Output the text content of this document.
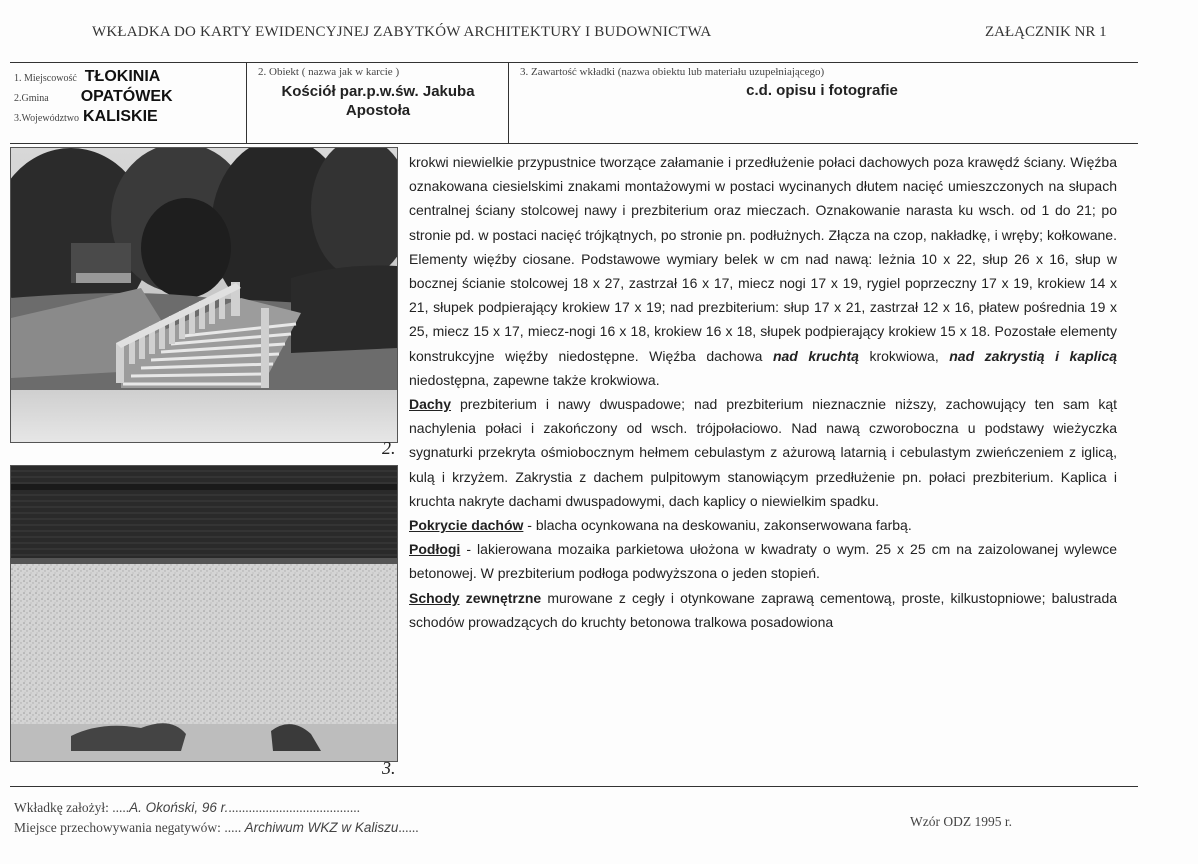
WKŁADKA DO KARTY EWIDENCYJNEJ ZABYTKÓW ARCHITEKTURY I BUDOWNICTWA	ZAŁĄCZNIK NR 1
1. Miejscowość TŁOKINIA
2.Gmina OPATÓWEK
3.Województwo KALISKIE
2. Obiekt ( nazwa jak w karcie )
Kościół par.p.w.św. Jakuba
Apostoła
3. Zawartość wkładki (nazwa obiektu lub materiału uzupełniającego)
c.d. opisu i fotografie
2.
3.

krokwi niewielkie przypustnice tworzące załamanie i przedłużenie połaci dachowych poza krawędź ściany. Więźba oznakowana ciesielskimi znakami montażowymi w postaci wycinanych dłutem nacięć umieszczonych na słupach centralnej ściany stolcowej nawy i prezbiterium oraz mieczach. Oznakowanie narasta ku wsch. od 1 do 21; po stronie pd. w postaci nacięć trójkątnych, po stronie pn. podłużnych. Złącza na czop, nakładkę, i wręby; kołkowane. Elementy więźby ciosane. Podstawowe wymiary belek w cm nad nawą: leżnia 10 x 22, słup 26 x 16, słup w bocznej ścianie stolcowej 18 x 27, zastrzał 16 x 17, miecz nogi 17 x 19, rygiel poprzeczny 17 x 19, krokiew 14 x 21, słupek podpierający krokiew 17 x 19; nad prezbiterium: słup 17 x 21, zastrzał 12 x 16, płatew pośrednia 19 x 25, miecz 15 x 17, miecz-nogi 16 x 18, krokiew 16 x 18, słupek podpierający krokiew 15 x 18. Pozostałe elementy konstrukcyjne więźby niedostępne. Więźba dachowa nad kruchtą krokwiowa, nad zakrystią i kaplicą niedostępna, zapewne także krokwiowa.

Dachy prezbiterium i nawy dwuspadowe; nad prezbiterium nieznacznie niższy, zachowujący ten sam kąt nachylenia połaci i zakończony od wsch. trójpołaciowo. Nad nawą czworoboczna u podstawy wieżyczka sygnaturki przekryta ośmiobocznym hełmem cebulastym z ażurową latarnią i cebulastym zwieńczeniem z iglicą, kulą i krzyżem. Zakrystia z dachem pulpitowym stanowiącym przedłużenie pn. połaci prezbiterium. Kaplica i kruchta nakryte dachami dwuspadowymi, dach kaplicy o niewielkim spadku.

Pokrycie dachów - blacha ocynkowana na deskowaniu, zakonserwowana farbą.

Podłogi - lakierowana mozaika parkietowa ułożona w kwadraty o wym. 25 x 25 cm na zaizolowanej wylewce betonowej. W prezbiterium podłoga podwyższona o jeden stopień.

Schody zewnętrzne murowane z cegły i otynkowane zaprawą cementową, proste, kilkustopniowe; balustrada schodów prowadzących do kruchty betonowa tralkowa posadowiona

Wkładkę założył: .....A. Okoński, 96 r........................................
Miejsce przechowywania negatywów: ..... Archiwum WKZ w Kaliszu......	Wzór ODZ 1995 r.
